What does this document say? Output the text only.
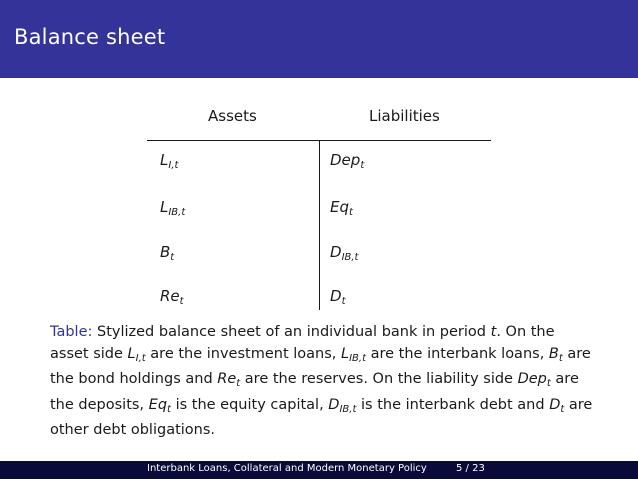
Balance sheet
Assets	Liabilities
$L_{I,t}$	Dep$_t$
$L_{IB,t}$	$Eq_t$
$B_t$	$D_{IB,t}$
$Re_t$	$D_t$
Table: Stylized balance sheet of an individual bank in period t. On the asset side $L_{I,t}$ are the investment loans, $L_{IB,t}$ are the interbank loans, $B_t$ are the bond holdings and $Re_t$ are the reserves. On the liability side Dep$_t$ are the deposits, $Eq_t$ is the equity capital, $D_{IB,t}$ is the interbank debt and $D_t$ are other debt obligations.
Interbank Loans, Collateral and Modern Monetary Policy	5 / 23
